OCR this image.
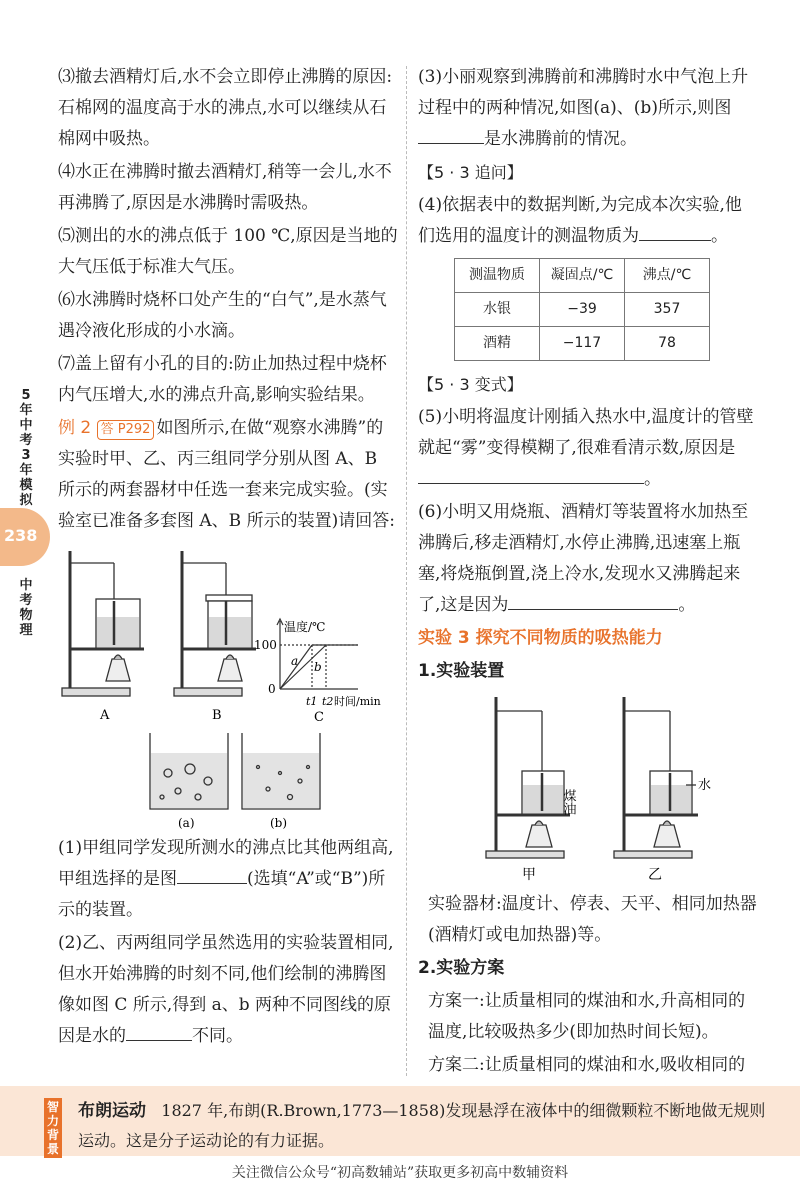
5年中考3年模拟
238
中考物理

⑶撤去酒精灯后,水不会立即停止沸腾的原因:石棉网的温度高于水的沸点,水可以继续从石棉网中吸热。

⑷水正在沸腾时撤去酒精灯,稍等一会儿,水不再沸腾了,原因是水沸腾时需吸热。

⑸测出的水的沸点低于 100 ℃,原因是当地的大气压低于标准大气压。

⑹水沸腾时烧杯口处产生的“白气”,是水蒸气遇冷液化形成的小水滴。

⑺盖上留有小孔的目的:防止加热过程中烧杯内气压增大,水的沸点升高,影响实验结果。

例 2 答 P292 如图所示,在做“观察水沸腾”的实验时甲、乙、丙三组同学分别从图 A、B 所示的两套器材中任选一套来完成实验。(实验室已准备多套图 A、B 所示的装置)请回答:

A	B
温度/℃
100
0
a b
t1 t2 时间/min
C
(a)	(b)

(1)甲组同学发现所测水的沸点比其他两组高,甲组选择的是图	(选填“A”或“B”)所示的装置。

(2)乙、丙两组同学虽然选用的实验装置相同,但水开始沸腾的时刻不同,他们绘制的沸腾图像如图 C 所示,得到 a、b 两种不同图线的原因是水的	不同。

(3)小丽观察到沸腾前和沸腾时水中气泡上升过程中的两种情况,如图(a)、(b)所示,则图是水沸腾前的情况。

【5 · 3 追问】

(4)依据表中的数据判断,为完成本次实验,他们选用的温度计的测温物质为	。

测温物质	凝固点/℃	沸点/℃
水银	−39	357
酒精	−117	78

【5 · 3 变式】

(5)小明将温度计刚插入热水中,温度计的管壁就起“雾”变得模糊了,很难看清示数,原因是。

(6)小明又用烧瓶、酒精灯等装置将水加热至沸腾后,移走酒精灯,水停止沸腾,迅速塞上瓶塞,将烧瓶倒置,浇上冷水,发现水又沸腾起来了,这是因为	。

实验 3 探究不同物质的吸热能力

1.实验装置

煤油
甲
水
乙

实验器材:温度计、停表、天平、相同加热器(酒精灯或电加热器)等。

2.实验方案

方案一:让质量相同的煤油和水,升高相同的温度,比较吸热多少(即加热时间长短)。

方案二:让质量相同的煤油和水,吸收相同的

智力背景
布朗运动 1827 年,布朗(R.Brown,1773—1858)发现悬浮在液体中的细微颗粒不断地做无规则运动。这是分子运动论的有力证据。
关注微信公众号“初高数辅站”获取更多初高中数辅资料
